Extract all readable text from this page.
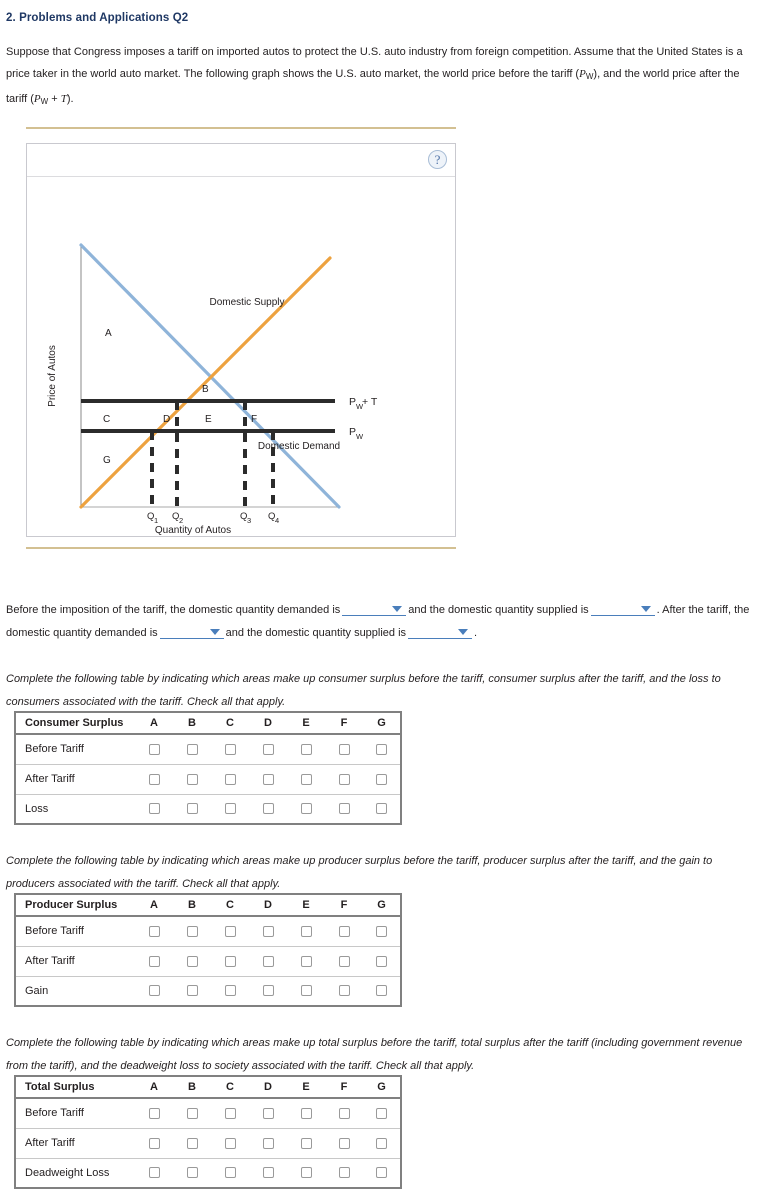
2. Problems and Applications Q2
Suppose that Congress imposes a tariff on imported autos to protect the U.S. auto industry from foreign competition. Assume that the United States is a price taker in the world auto market. The following graph shows the U.S. auto market, the world price before the tariff $(P_W)$, and the world price after the tariff $(P_W + T)$.
?
Price of Autos
Quantity of Autos
Domestic Supply
Domestic Demand
P W
+ T
P W
Q 1 Q 2	Q 3 Q 4
A
B
C	D	E	F
G
Before the imposition of the tariff, the domestic quantity demanded is	and the domestic quantity supplied is	. After the tariff, the domestic quantity demanded is	and the domestic quantity supplied is	.
Complete the following table by indicating which areas make up consumer surplus before the tariff, consumer surplus after the tariff, and the loss to consumers associated with the tariff. Check all that apply.
Consumer Surplus	A	B	C	D	E	F	G
Before Tariff							
After Tariff							
Loss							
Complete the following table by indicating which areas make up producer surplus before the tariff, producer surplus after the tariff, and the gain to producers associated with the tariff. Check all that apply.
Producer Surplus	A	B	C	D	E	F	G
Before Tariff							
After Tariff							
Gain							
Complete the following table by indicating which areas make up total surplus before the tariff, total surplus after the tariff (including government revenue from the tariff), and the deadweight loss to society associated with the tariff. Check all that apply.
Total Surplus	A	B	C	D	E	F	G
Before Tariff							
After Tariff							
Deadweight Loss							
